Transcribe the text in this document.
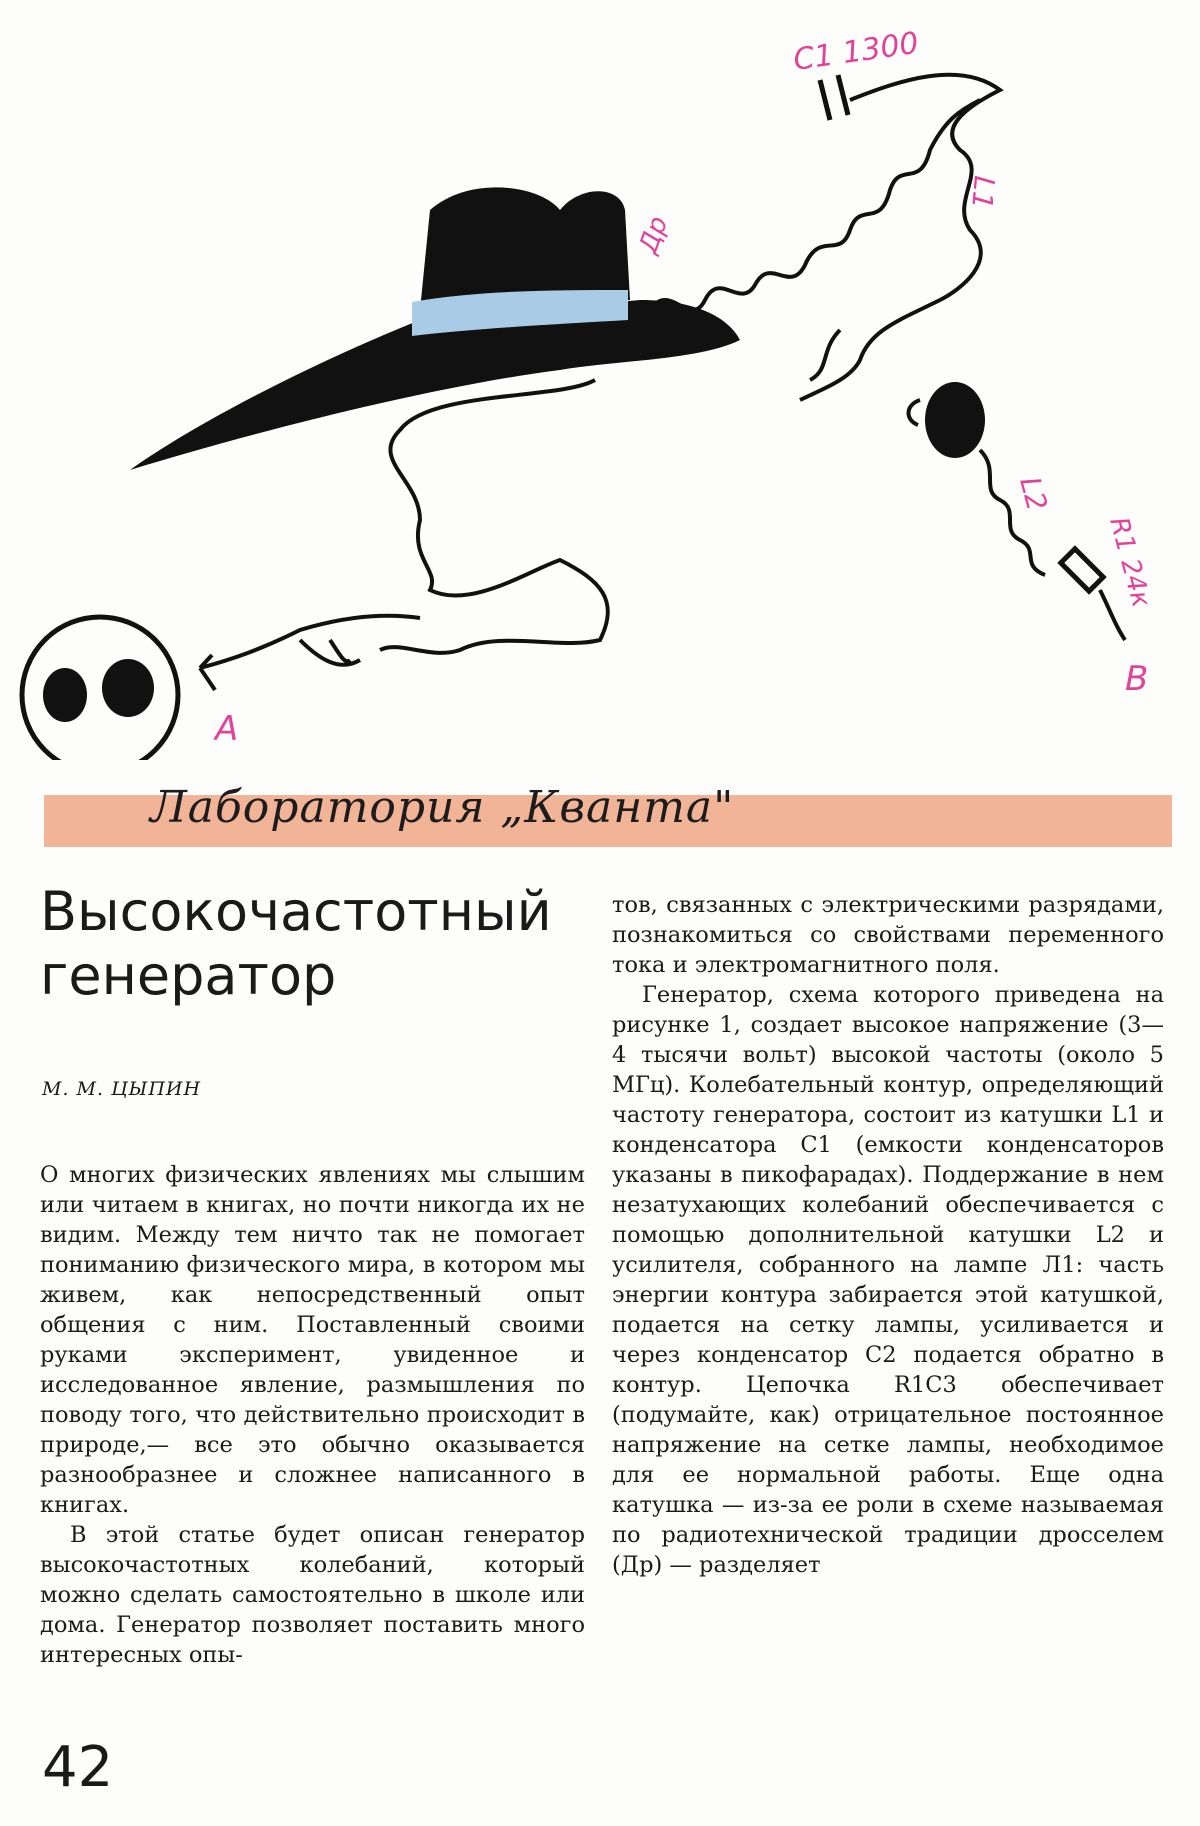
C1 1300
Др
L1
L2
R1 24к
A
B
Лаборатория „Кванта"
Высокочастотный генератор
М. М. ЦЫПИН

О многих физических явлениях мы слышим или читаем в книгах, но почти никогда их не видим. Между тем ничто так не помогает пониманию физического мира, в котором мы живем, как непосредственный опыт общения с ним. Поставленный своими руками эксперимент, увиденное и исследованное явление, размышления по поводу того, что действительно происходит в природе,— все это обычно оказывается разнообразнее и сложнее написанного в книгах.

В этой статье будет описан генератор высокочастотных колебаний, который можно сделать самостоятельно в школе или дома. Генератор позволяет поставить много интересных опы-

тов, связанных с электрическими разрядами, познакомиться со свойствами переменного тока и электромагнитного поля.

Генератор, схема которого приведена на рисунке 1, создает высокое напряжение (3—4 тысячи вольт) высокой частоты (около 5 МГц). Колебательный контур, определяющий частоту генератора, состоит из катушки L1 и конденсатора C1 (емкости конденсаторов указаны в пикофарадах). Поддержание в нем незатухающих колебаний обеспечивается с помощью дополнительной катушки L2 и усилителя, собранного на лампе Л1: часть энергии контура забирается этой катушкой, подается на сетку лампы, усиливается и через конденсатор C2 подается обратно в контур. Цепочка R1C3 обеспечивает (подумайте, как) отрицательное постоянное напряжение на сетке лампы, необходимое для ее нормальной работы. Еще одна катушка — из-за ее роли в схеме называемая по радиотехнической традиции дросселем (Др) — разделяет

42
